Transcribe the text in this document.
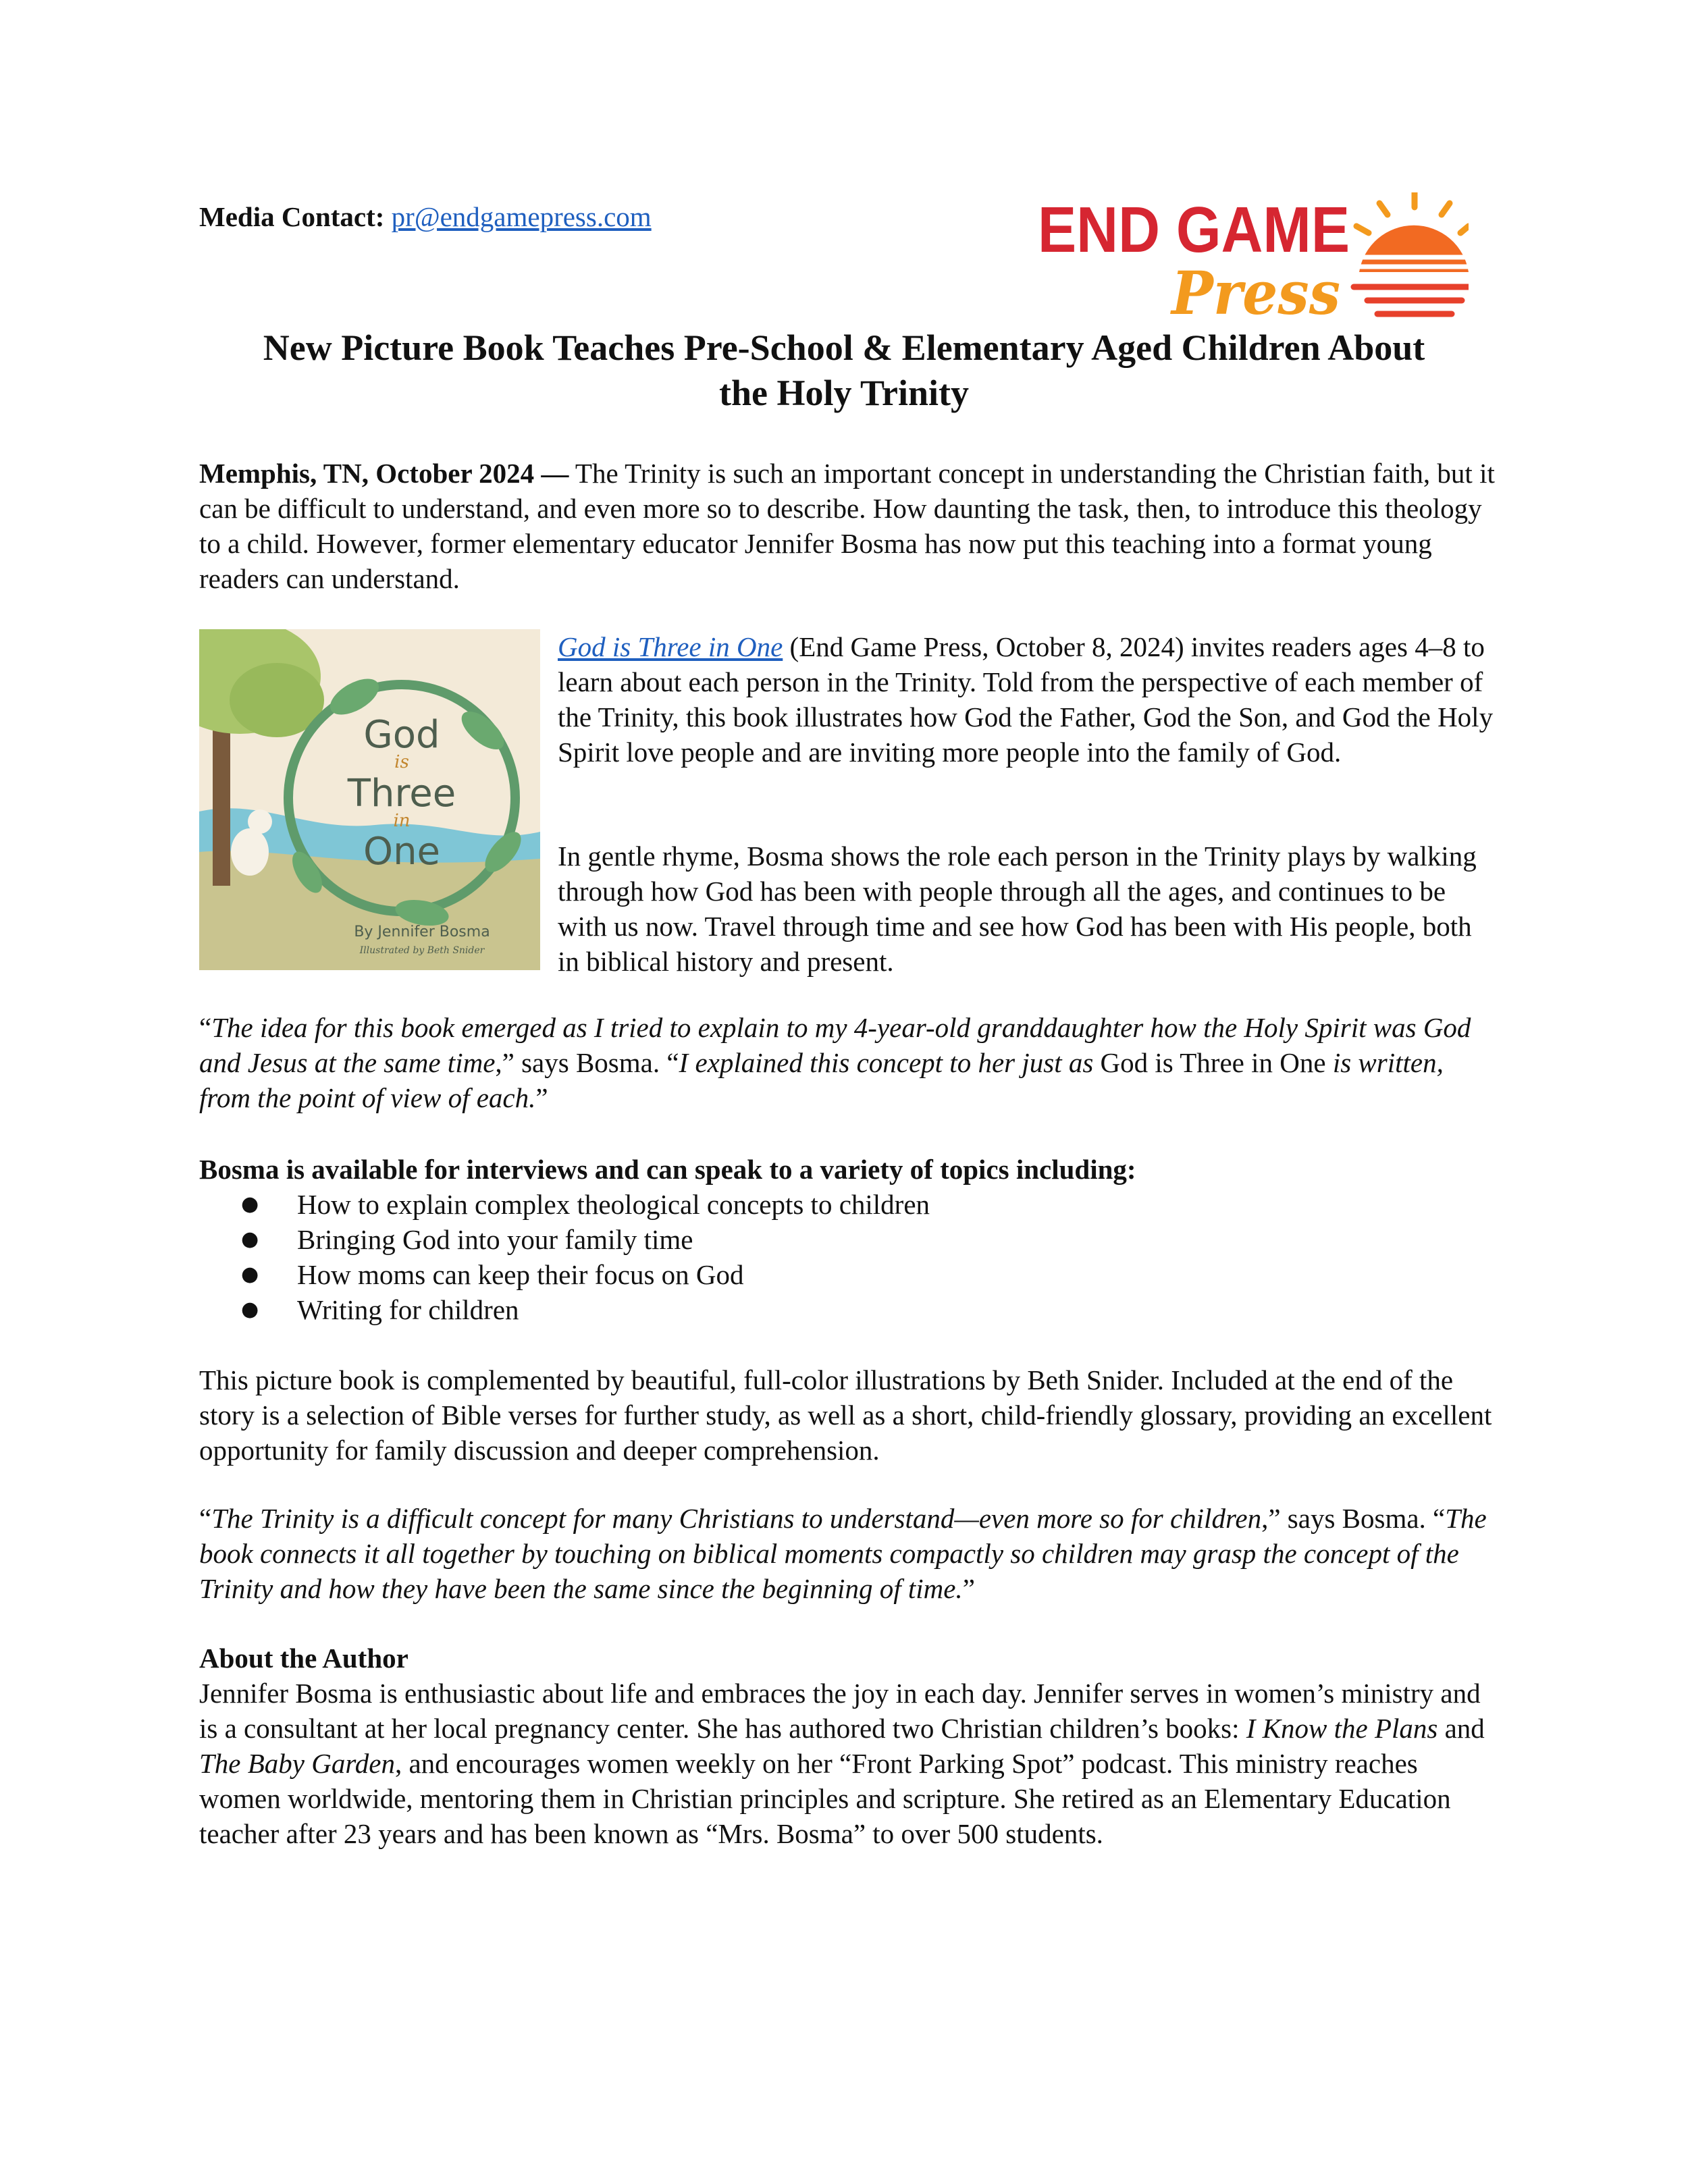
Media Contact: pr@endgamepress.com	END GAME
Press
New Picture Book Teaches Pre-School & Elementary Aged Children About
the Holy Trinity
Memphis, TN, October 2024 — The Trinity is such an important concept in understanding the Christian faith, but it can be difficult to understand, and even more so to describe. How daunting the task, then, to introduce this theology to a child. However, former elementary educator Jennifer Bosma has now put this teaching into a format young readers can understand.
God
is
Three
in
One
By Jennifer Bosma
Illustrated by Beth Snider
God is Three in One (End Game Press, October 8, 2024) invites readers ages 4–8 to learn about each person in the Trinity. Told from the perspective of each member of the Trinity, this book illustrates how God the Father, God the Son, and God the Holy Spirit love people and are inviting more people into the family of God.
In gentle rhyme, Bosma shows the role each person in the Trinity plays by walking through how God has been with people through all the ages, and continues to be with us now. Travel through time and see how God has been with His people, both in biblical history and present.
“The idea for this book emerged as I tried to explain to my 4-year-old granddaughter how the Holy Spirit was God and Jesus at the same time,” says Bosma. “I explained this concept to her just as God is Three in One is written, from the point of view of each.”
Bosma is available for interviews and can speak to a variety of topics including:
● How to explain complex theological concepts to children
● Bringing God into your family time
● How moms can keep their focus on God
● Writing for children
This picture book is complemented by beautiful, full-color illustrations by Beth Snider. Included at the end of the story is a selection of Bible verses for further study, as well as a short, child-friendly glossary, providing an excellent opportunity for family discussion and deeper comprehension.
“The Trinity is a difficult concept for many Christians to understand—even more so for children,” says Bosma. “The book connects it all together by touching on biblical moments compactly so children may grasp the concept of the Trinity and how they have been the same since the beginning of time.”
About the Author
Jennifer Bosma is enthusiastic about life and embraces the joy in each day. Jennifer serves in women’s ministry and is a consultant at her local pregnancy center. She has authored two Christian children’s books: I Know the Plans and The Baby Garden, and encourages women weekly on her “Front Parking Spot” podcast. This ministry reaches women worldwide, mentoring them in Christian principles and scripture. She retired as an Elementary Education teacher after 23 years and has been known as “Mrs. Bosma” to over 500 students.
